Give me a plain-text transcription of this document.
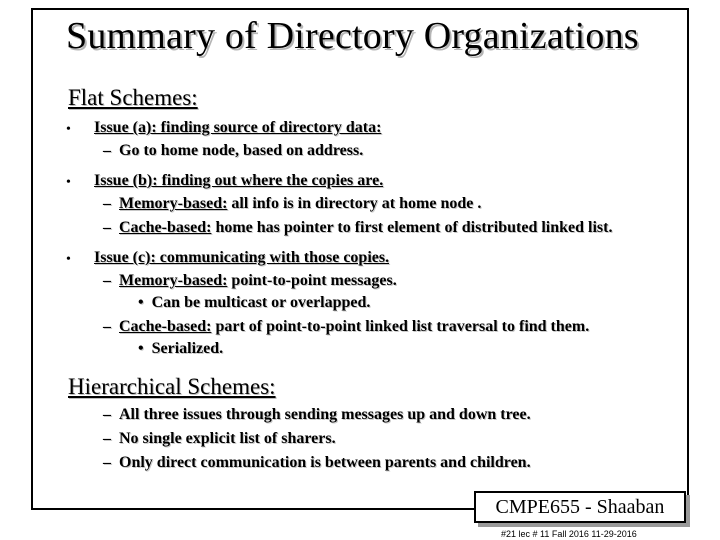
Summary of Directory Organizations
Flat Schemes:
• Issue (a): finding source of directory data:
– Go to home node, based on address.
• Issue (b): finding out where the copies are.
– Memory-based: all info is in directory at home node .
– Cache-based: home has pointer to first element of distributed linked list.
• Issue (c): communicating with those copies.
– Memory-based: point-to-point messages.
• Can be multicast or overlapped.
– Cache-based: part of point-to-point linked list traversal to find them.
• Serialized.
Hierarchical Schemes:
– All three issues through sending messages up and down tree.
– No single explicit list of sharers.
– Only direct communication is between parents and children.
CMPE655 - Shaaban
#21 lec # 11 Fall 2016 11-29-2016
